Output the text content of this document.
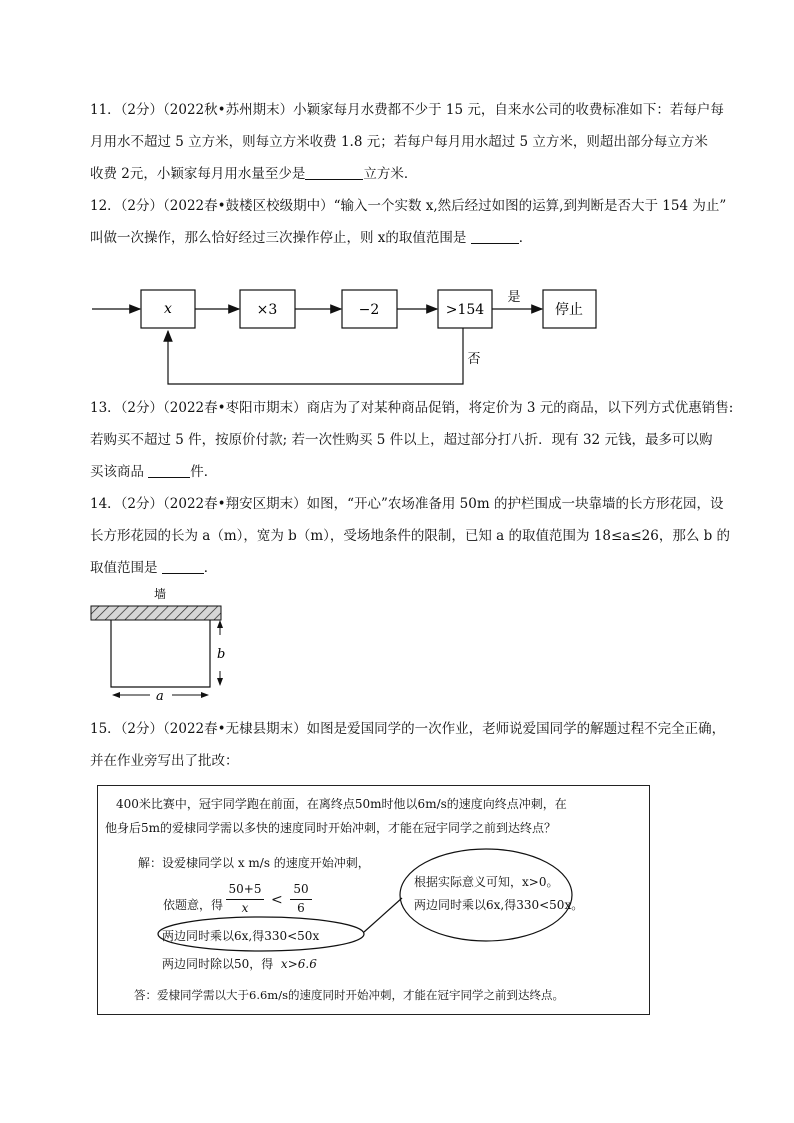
11．（2分）（2022秋•苏州期末）小颖家每月水费都不少于 15 元，自来水公司的收费标准如下：若每户每
月用水不超过 5 立方米，则每立方米收费 1.8 元；若每户每月用水超过 5 立方米，则超出部分每立方米
收费 2元，小颖家每月用水量至少是	立方米．
12．（2分）（2022春•鼓楼区校级期中）“输入一个实数 x,然后经过如图的运算,到判断是否大于 154 为止”
叫做一次操作，那么恰好经过三次操作停止，则 x的取值范围是	．
x	×3	−2	>154	停止
是
否
13．（2分）（2022春•枣阳市期末）商店为了对某种商品促销，将定价为 3 元的商品，以下列方式优惠销售:
若购买不超过 5 件，按原价付款; 若一次性购买 5 件以上，超过部分打八折．现有 32 元钱，最多可以购
买该商品	件．
14．（2分）（2022春•翔安区期末）如图，“开心”农场准备用 50m 的护栏围成一块靠墙的长方形花园，设
长方形花园的长为 a（m），宽为 b（m），受场地条件的限制，已知 a 的取值范围为 18≤a≤26，那么 b 的
取值范围是	．
墙
b
a
15．（2分）（2022春•无棣县期末）如图是爱国同学的一次作业，老师说爱国同学的解题过程不完全正确，
并在作业旁写出了批改：
400米比赛中，冠宇同学跑在前面，在离终点50m时他以6m/s的速度向终点冲刺，在
他身后5m的爱棣同学需以多快的速度同时开始冲刺，才能在冠宇同学之前到达终点？
解：设爱棣同学以 x m/s 的速度开始冲刺，
依题意，得
50+5
x	<
50
6
两边同时乘以6x,得330<50x
两边同时除以50，得 x>6.6
答：爱棣同学需以大于6.6m/s的速度同时开始冲刺，才能在冠宇同学之前到达终点。
根据实际意义可知，x>0。
两边同时乘以6x,得330<50x。
